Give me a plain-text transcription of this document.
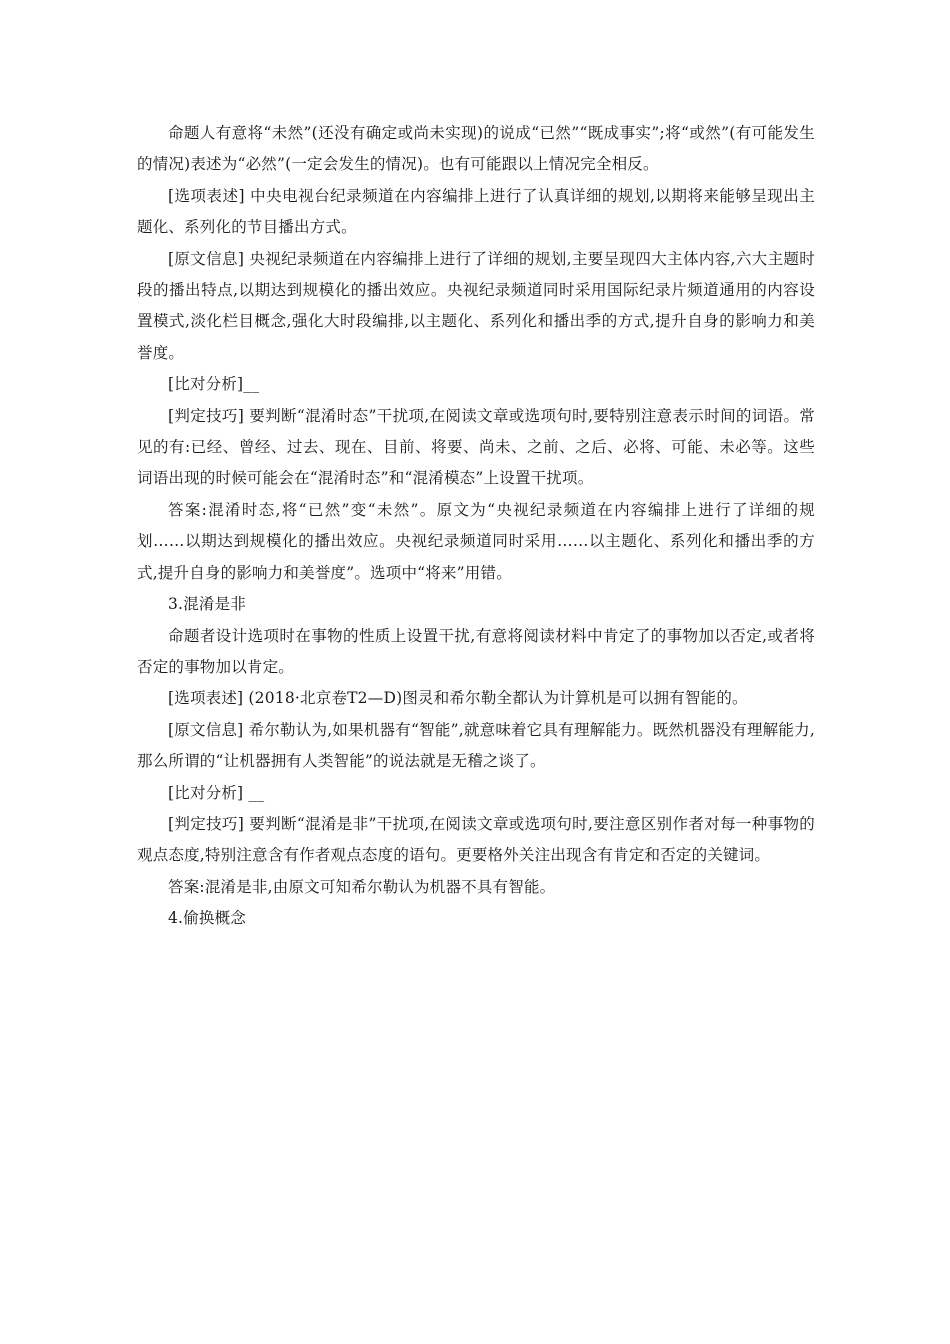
命题人有意将“未然”(还没有确定或尚未实现)的说成“已然”“既成事实”;将“或然”(有可能发生的情况)表述为“必然”(一定会发生的情况)。也有可能跟以上情况完全相反。

[选项表述] 中央电视台纪录频道在内容编排上进行了认真详细的规划,以期将来能够呈现出主题化、系列化的节目播出方式。

[原文信息] 央视纪录频道在内容编排上进行了详细的规划,主要呈现四大主体内容,六大主题时段的播出特点,以期达到规模化的播出效应。央视纪录频道同时采用国际纪录片频道通用的内容设置模式,淡化栏目概念,强化大时段编排,以主题化、系列化和播出季的方式,提升自身的影响力和美誉度。

[比对分析]__

[判定技巧] 要判断“混淆时态”干扰项,在阅读文章或选项句时,要特别注意表示时间的词语。常见的有:已经、曾经、过去、现在、目前、将要、尚未、之前、之后、必将、可能、未必等。这些词语出现的时候可能会在“混淆时态”和“混淆模态”上设置干扰项。

答案:混淆时态,将“已然”变“未然”。原文为“央视纪录频道在内容编排上进行了详细的规划……以期达到规模化的播出效应。央视纪录频道同时采用……以主题化、系列化和播出季的方式,提升自身的影响力和美誉度”。选项中“将来”用错。

3.混淆是非

命题者设计选项时在事物的性质上设置干扰,有意将阅读材料中肯定了的事物加以否定,或者将否定的事物加以肯定。

[选项表述] (2018·北京卷T2—D)图灵和希尔勒全都认为计算机是可以拥有智能的。

[原文信息] 希尔勒认为,如果机器有“智能”,就意味着它具有理解能力。既然机器没有理解能力,那么所谓的“让机器拥有人类智能”的说法就是无稽之谈了。

[比对分析] __

[判定技巧] 要判断“混淆是非”干扰项,在阅读文章或选项句时,要注意区别作者对每一种事物的观点态度,特别注意含有作者观点态度的语句。更要格外关注出现含有肯定和否定的关键词。

答案:混淆是非,由原文可知希尔勒认为机器不具有智能。

4.偷换概念
